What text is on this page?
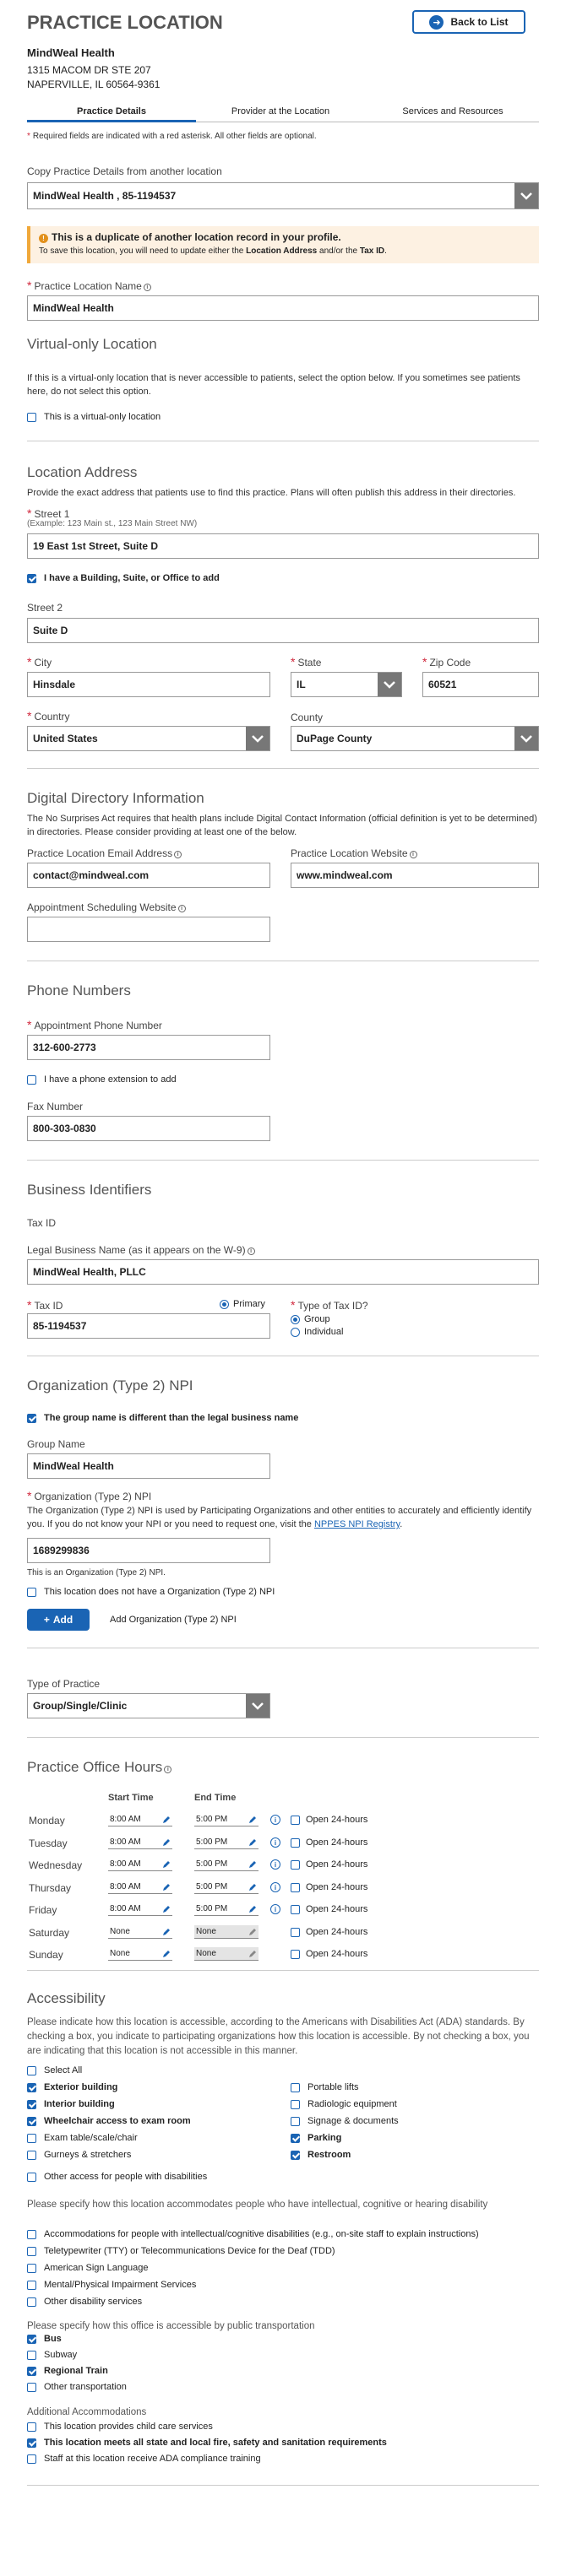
PRACTICE LOCATION	➜ Back to List
MindWeal Health
1315 MACOM DR STE 207
NAPERVILLE, IL 60564-9361
Practice Details	Provider at the Location	Services and Resources
* Required fields are indicated with a red asterisk. All other fields are optional.
Copy Practice Details from another location
MindWeal Health , 85-1194537
! This is a duplicate of another location record in your profile.
To save this location, you will need to update either the Location Address and/or the Tax ID.
* Practice Location Name i
MindWeal Health
Virtual-only Location
If this is a virtual-only location that is never accessible to patients, select the option below. If you sometimes see patients here, do not select this option.
This is a virtual-only location
Location Address
Provide the exact address that patients use to find this practice. Plans will often publish this address in their directories.
* Street 1
(Example: 123 Main st., 123 Main Street NW)
19 East 1st Street, Suite D
I have a Building, Suite, or Office to add
Street 2
Suite D
* City
Hinsdale
* State
IL
* Zip Code
60521
* Country
United States
County
DuPage County
Digital Directory Information
The No Surprises Act requires that health plans include Digital Contact Information (official definition is yet to be determined) in directories. Please consider providing at least one of the below.
Practice Location Email Address i
contact@mindweal.com
Practice Location Website i
www.mindweal.com
Appointment Scheduling Website i
Phone Numbers
* Appointment Phone Number
312-600-2773
I have a phone extension to add
Fax Number
800-303-0830
Business Identifiers
Tax ID
Legal Business Name (as it appears on the W-9) i
MindWeal Health, PLLC
* Tax ID	Primary
85-1194537
* Type of Tax ID?
Group
Individual
Organization (Type 2) NPI
The group name is different than the legal business name
Group Name
MindWeal Health
* Organization (Type 2) NPI
The Organization (Type 2) NPI is used by Participating Organizations and other entities to accurately and efficiently identify you. If you do not know your NPI or you need to request one, visit the NPPES NPI Registry.
1689299836
This is an Organization (Type 2) NPI.
This location does not have a Organization (Type 2) NPI
+ Add	Add Organization (Type 2) NPI
Type of Practice
Group/Single/Clinic
Practice Office Hours i
Start Time	End Time
Accessibility
Please indicate how this location is accessible, according to the Americans with Disabilities Act (ADA) standards. By checking a box, you indicate to participating organizations how this location is accessible. By not checking a box, you are indicating that this location is not accessible in this manner.
Select All
Other access for people with disabilities
Please specify how this location accommodates people who have intellectual, cognitive or hearing disability
Please specify how this office is accessible by public transportation
Additional Accommodations
Monday	8:00 AM	5:00 PM	i	Open 24-hours
Tuesday	8:00 AM	5:00 PM	i	Open 24-hours
Wednesday	8:00 AM	5:00 PM	i	Open 24-hours
Thursday	8:00 AM	5:00 PM	i	Open 24-hours
Friday	8:00 AM	5:00 PM	i	Open 24-hours
Saturday	None	None	Open 24-hours
Sunday	None	None	Open 24-hours
Exterior building
Interior building
Wheelchair access to exam room
Exam table/scale/chair
Gurneys & stretchers
Portable lifts
Radiologic equipment
Signage & documents
Parking
Restroom
Accommodations for people with intellectual/cognitive disabilities (e.g., on-site staff to explain instructions)
Teletypewriter (TTY) or Telecommunications Device for the Deaf (TDD)
American Sign Language
Mental/Physical Impairment Services
Other disability services
Bus
Subway
Regional Train
Other transportation
This location provides child care services
This location meets all state and local fire, safety and sanitation requirements
Staff at this location receive ADA compliance training
